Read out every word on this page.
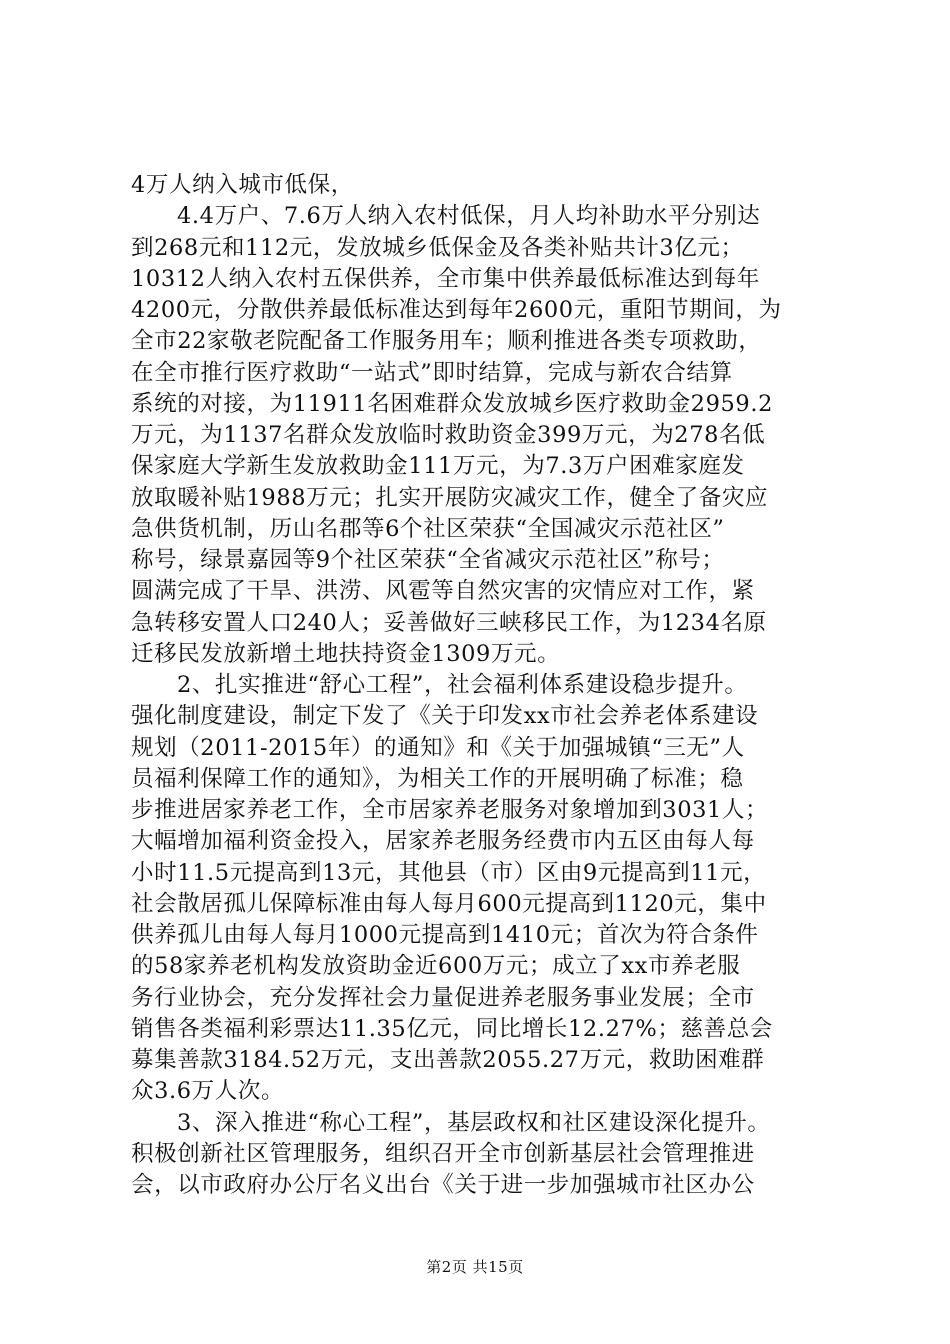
4万人纳入城市低保，
4.4万户、7.6万人纳入农村低保，月人均补助水平分别达
到268元和112元，发放城乡低保金及各类补贴共计3亿元；
10312人纳入农村五保供养，全市集中供养最低标准达到每年
4200元，分散供养最低标准达到每年2600元，重阳节期间，为
全市22家敬老院配备工作服务用车；顺利推进各类专项救助，
在全市推行医疗救助“一站式”即时结算，完成与新农合结算
系统的对接，为11911名困难群众发放城乡医疗救助金2959.2
万元，为1137名群众发放临时救助资金399万元，为278名低
保家庭大学新生发放救助金111万元，为7.3万户困难家庭发
放取暖补贴1988万元；扎实开展防灾减灾工作，健全了备灾应
急供货机制，历山名郡等6个社区荣获“全国减灾示范社区”
称号，绿景嘉园等9个社区荣获“全省减灾示范社区”称号；
圆满完成了干旱、洪涝、风雹等自然灾害的灾情应对工作，紧
急转移安置人口240人；妥善做好三峡移民工作，为1234名原
迁移民发放新增土地扶持资金1309万元。
2、扎实推进“舒心工程”，社会福利体系建设稳步提升。
强化制度建设，制定下发了《关于印发xx市社会养老体系建设
规划（2011-2015年）的通知》和《关于加强城镇“三无”人
员福利保障工作的通知》，为相关工作的开展明确了标准；稳
步推进居家养老工作，全市居家养老服务对象增加到3031人；
大幅增加福利资金投入，居家养老服务经费市内五区由每人每
小时11.5元提高到13元，其他县（市）区由9元提高到11元，
社会散居孤儿保障标准由每人每月600元提高到1120元，集中
供养孤儿由每人每月1000元提高到1410元；首次为符合条件
的58家养老机构发放资助金近600万元；成立了xx市养老服
务行业协会，充分发挥社会力量促进养老服务事业发展；全市
销售各类福利彩票达11.35亿元，同比增长12.27%；慈善总会
募集善款3184.52万元，支出善款2055.27万元，救助困难群
众3.6万人次。
3、深入推进“称心工程”，基层政权和社区建设深化提升。
积极创新社区管理服务，组织召开全市创新基层社会管理推进
会，以市政府办公厅名义出台《关于进一步加强城市社区办公
第2页 共15页
